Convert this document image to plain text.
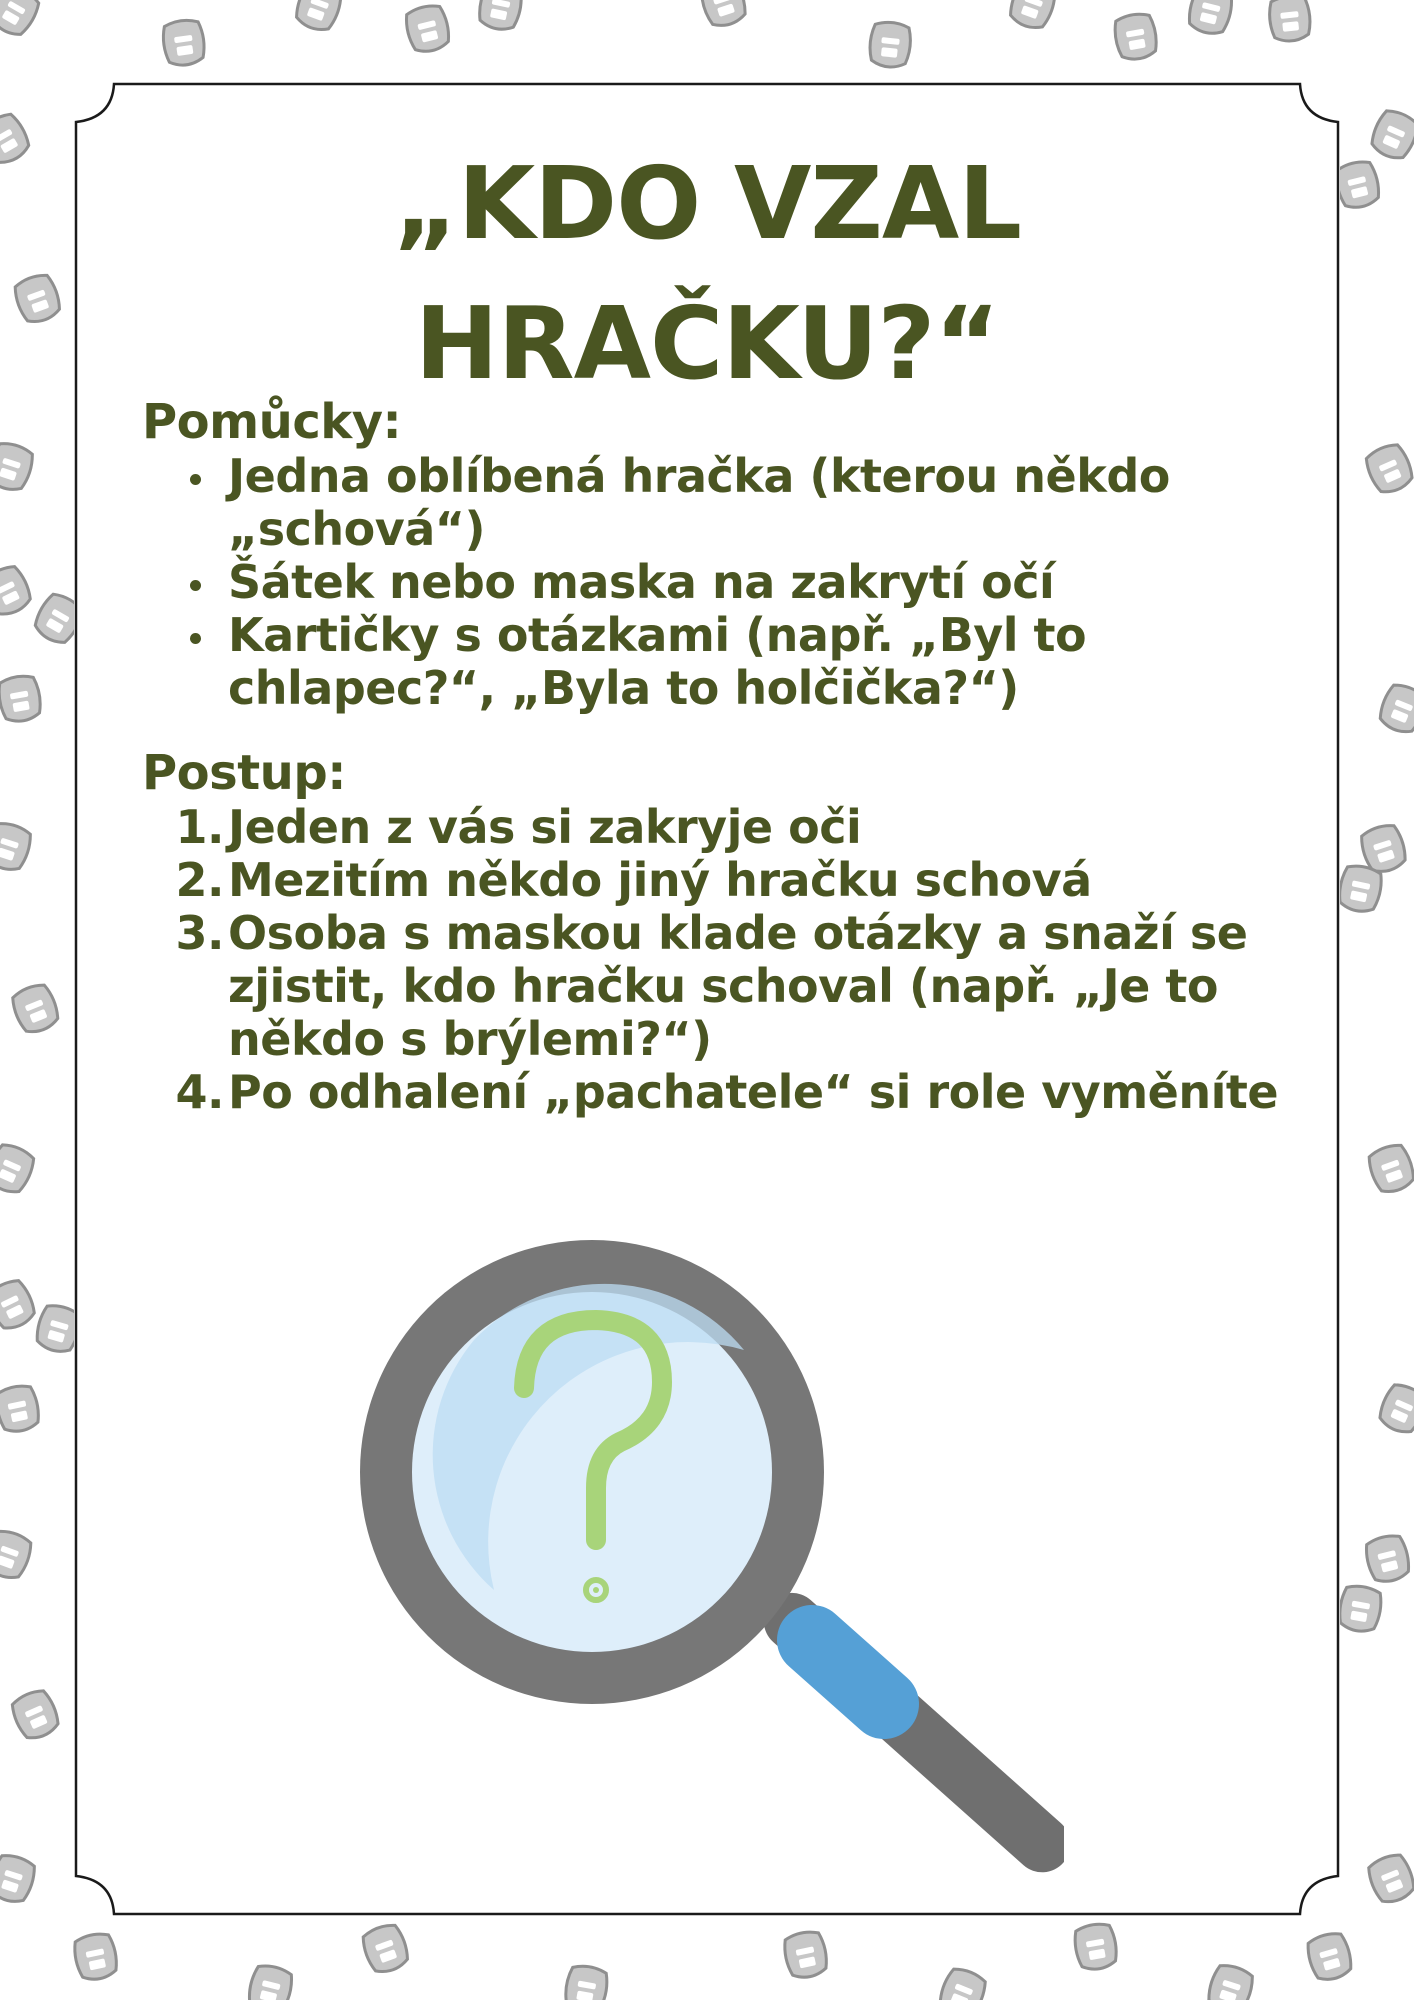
„KDO VZAL
HRAČKU?“
Pomůcky:
Jedna oblíbená hračka (kterou někdo „schová“)
Šátek nebo maska na zakrytí očí
Kartičky s otázkami (např. „Byl to chlapec?“, „Byla to holčička?“)
Postup:
1. Jeden z vás si zakryje oči
2. Mezitím někdo jiný hračku schová
3. Osoba s maskou klade otázky a snaží se zjistit, kdo hračku schoval (např. „Je to někdo s brýlemi?“)
4. Po odhalení „pachatele“ si role vyměníte
